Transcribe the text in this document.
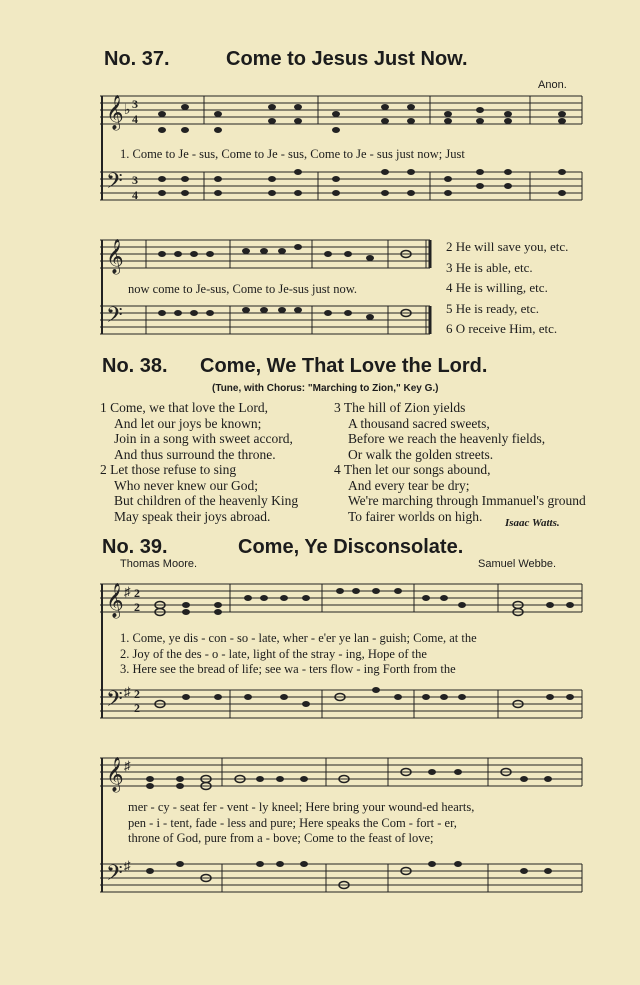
No. 37.	Come to Jesus Just Now.
Anon.
𝄞
𝄢
♭ 3
4
3
4
1. Come to Je - sus, Come to Je - sus, Come to Je - sus just now; Just
𝄞
𝄢
now come to Je-sus, Come to Je-sus just now.
2 He will save you, etc.
3 He is able, etc.
4 He is willing, etc.
5 He is ready, etc.
6 O receive Him, etc.
No. 38. Come, We That Love the Lord.
(Tune, with Chorus: "Marching to Zion," Key G.)
1 Come, we that love the Lord,
And let our joys be known;
Join in a song with sweet accord,
And thus surround the throne.
2 Let those refuse to sing
Who never knew our God;
But children of the heavenly King
May speak their joys abroad.
3 The hill of Zion yields
A thousand sacred sweets,
Before we reach the heavenly fields,
Or walk the golden streets.
4 Then let our songs abound,
And every tear be dry;
We're marching through Immanuel's ground
To fairer worlds on high.	Isaac Watts.
No. 39.	Come, Ye Disconsolate.
Thomas Moore.	Samuel Webbe.
𝄞
𝄢
♯
♯
2
2
2
2
1. Come, ye dis - con - so - late, wher - e'er ye lan - guish; Come, at the
2. Joy of the des - o - late, light of the stray - ing, Hope of the
3. Here see the bread of life; see wa - ters flow - ing Forth from the
𝄞
𝄢
♯
♯
mer - cy - seat fer - vent - ly kneel; Here bring your wound-ed hearts,
pen - i - tent, fade - less and pure; Here speaks the Com - fort - er,
throne of God, pure from a - bove; Come to the feast of love;
